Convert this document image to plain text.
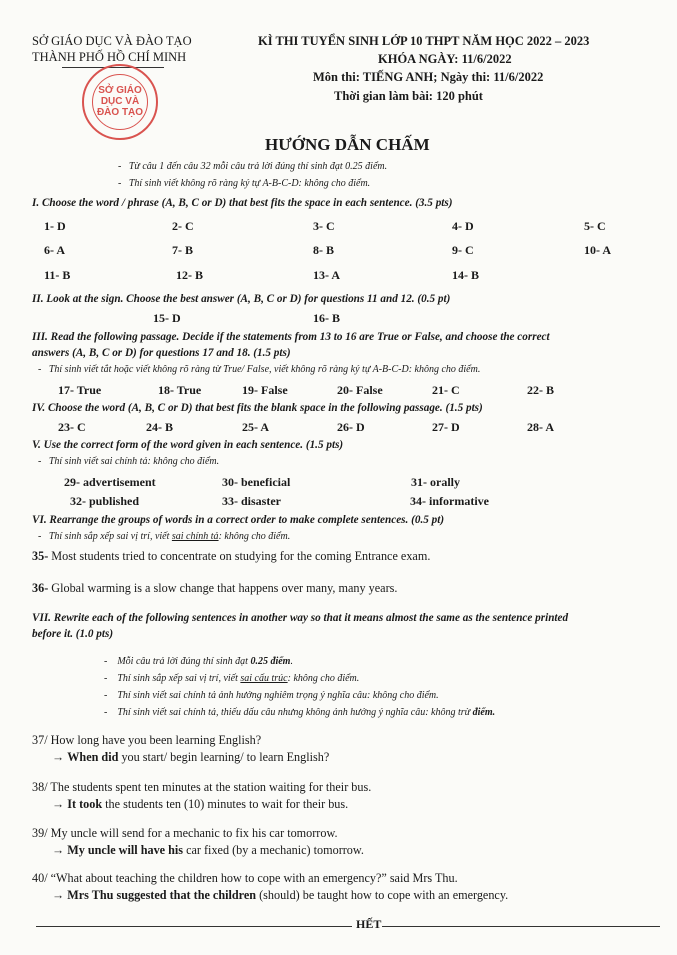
SỞ GIÁO DỤC VÀ ĐÀO TẠO
THÀNH PHỐ HỒ CHÍ MINH
SỞ GIÁO DỤC VÀ ĐÀO TẠO
KÌ THI TUYỂN SINH LỚP 10 THPT NĂM HỌC 2022 – 2023
KHÓA NGÀY: 11/6/2022
Môn thi: TIẾNG ANH; Ngày thi: 11/6/2022
Thời gian làm bài: 120 phút
HƯỚNG DẪN CHẤM
-   Từ câu 1 đến câu 32 mỗi câu trả lời đúng thí sinh đạt 0.25 điểm.
-   Thí sinh viết không rõ ràng ký tự A-B-C-D: không cho điểm.
I. Choose the word / phrase (A, B, C or D) that best fits the space in each sentence. (3.5 pts)
1- D	2- C	3- C	4- D	5- C
6- A	7- B	8- B	9- C	10- A
11- B	12- B	13- A	14- B
II. Look at the sign. Choose the best answer (A, B, C or D) for questions 11 and 12. (0.5 pt)
15- D	16- B
III. Read the following passage. Decide if the statements from 13 to 16 are True or False, and choose the correct
answers (A, B, C or D) for questions 17 and 18. (1.5 pts)
-   Thí sinh viết tắt hoặc viết không rõ ràng từ True/ False, viết không rõ ràng ký tự A-B-C-D: không cho điểm.
17- True	18- True	19- False	20- False	21- C	22- B
IV. Choose the word (A, B, C or D) that best fits the blank space in the following passage. (1.5 pts)
23- C	24- B	25- A	26- D	27- D	28- A
V. Use the correct form of the word given in each sentence. (1.5 pts)
-   Thí sinh viết sai chính tả: không cho điểm.
29- advertisement	30- beneficial	31- orally
32- published	33- disaster	34- informative
VI. Rearrange the groups of words in a correct order to make complete sentences. (0.5 pt)
-   Thí sinh sắp xếp sai vị trí, viết sai chính tả: không cho điểm.
35- Most students tried to concentrate on studying for the coming Entrance exam.
36- Global warming is a slow change that happens over many, many years.
VII. Rewrite each of the following sentences in another way so that it means almost the same as the sentence printed
before it. (1.0 pts)
-    Mỗi câu trả lời đúng thí sinh đạt 0.25 điểm.
-    Thí sinh sắp xếp sai vị trí, viết sai cấu trúc: không cho điểm.
-    Thí sinh viết sai chính tả ảnh hưởng nghiêm trọng ý nghĩa câu: không cho điểm.
-    Thí sinh viết sai chính tả, thiếu dấu câu nhưng không ảnh hưởng ý nghĩa câu: không trừ điểm.
37/ How long have you been learning English?
→ When did you start/ begin learning/ to learn English?
38/ The students spent ten minutes at the station waiting for their bus.
→ It took the students ten (10) minutes to wait for their bus.
39/ My uncle will send for a mechanic to fix his car tomorrow.
→ My uncle will have his car fixed (by a mechanic) tomorrow.
40/ “What about teaching the children how to cope with an emergency?” said Mrs Thu.
→ Mrs Thu suggested that the children (should) be taught how to cope with an emergency.
HẾT
